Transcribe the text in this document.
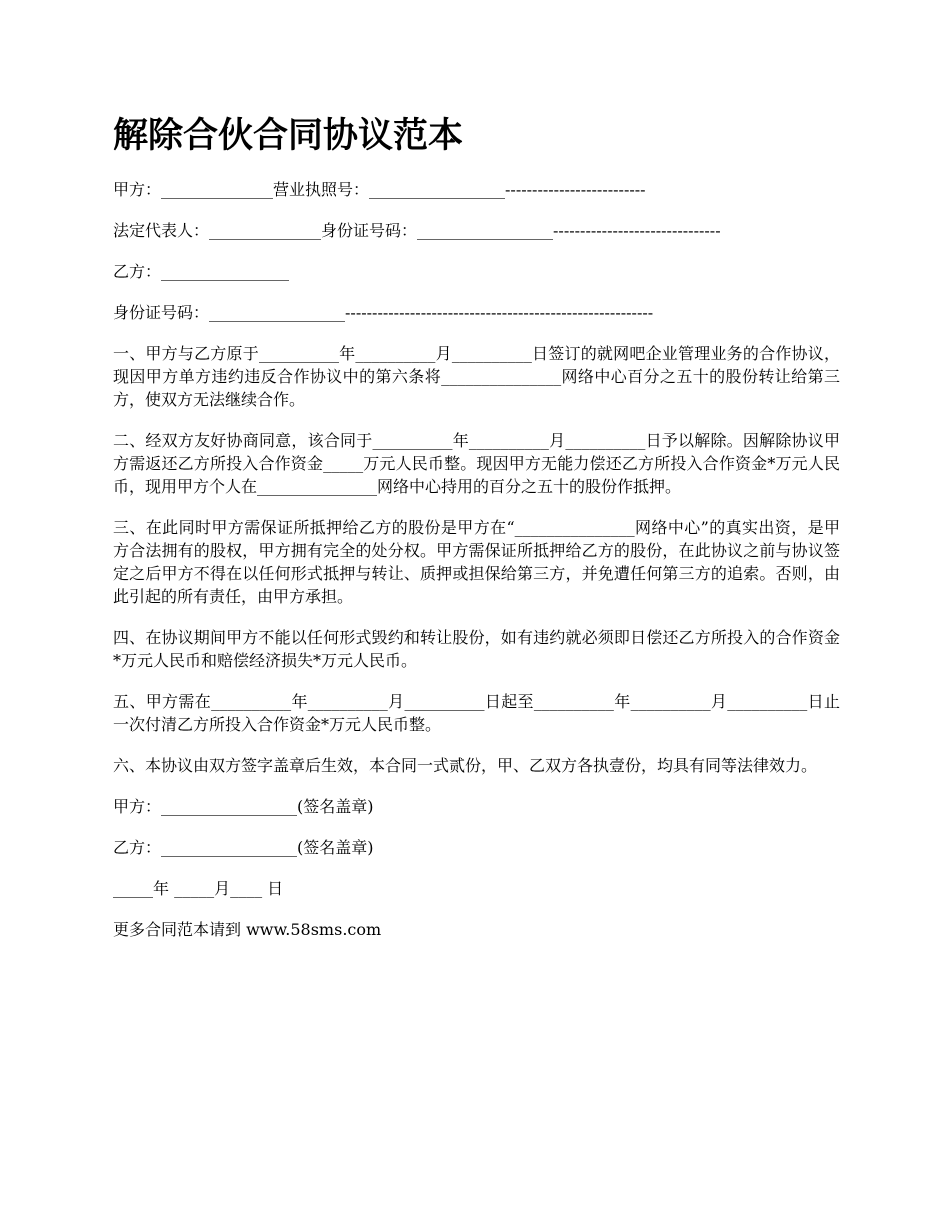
解除合伙合同协议范本
甲方：______________营业执照号：_________________--------------------------
法定代表人：______________身份证号码：_________________-------------------------------
乙方：________________
身份证号码：_________________---------------------------------------------------------

一、甲方与乙方原于__________年__________月__________日签订的就网吧企业管理业务的合作协议，现因甲方单方违约违反合作协议中的第六条将_______________网络中心百分之五十的股份转让给第三方，使双方无法继续合作。

二、经双方友好协商同意，该合同于__________年__________月__________日予以解除。因解除协议甲方需返还乙方所投入合作资金_____万元人民币整。现因甲方无能力偿还乙方所投入合作资金*万元人民币，现用甲方个人在_______________网络中心持用的百分之五十的股份作抵押。

三、在此同时甲方需保证所抵押给乙方的股份是甲方在“_______________网络中心”的真实出资，是甲方合法拥有的股权，甲方拥有完全的处分权。甲方需保证所抵押给乙方的股份，在此协议之前与协议签定之后甲方不得在以任何形式抵押与转让、质押或担保给第三方，并免遭任何第三方的追索。否则，由此引起的所有责任，由甲方承担。

四、在协议期间甲方不能以任何形式毁约和转让股份，如有违约就必须即日偿还乙方所投入的合作资金*万元人民币和赔偿经济损失*万元人民币。

五、甲方需在__________年__________月__________日起至__________年__________月__________日止一次付清乙方所投入合作资金*万元人民币整。

六、本协议由双方签字盖章后生效，本合同一式贰份，甲、乙双方各执壹份，均具有同等法律效力。

甲方：_________________(签名盖章)
乙方：_________________(签名盖章)
_____年 _____月____ 日
更多合同范本请到 www.58sms.com
